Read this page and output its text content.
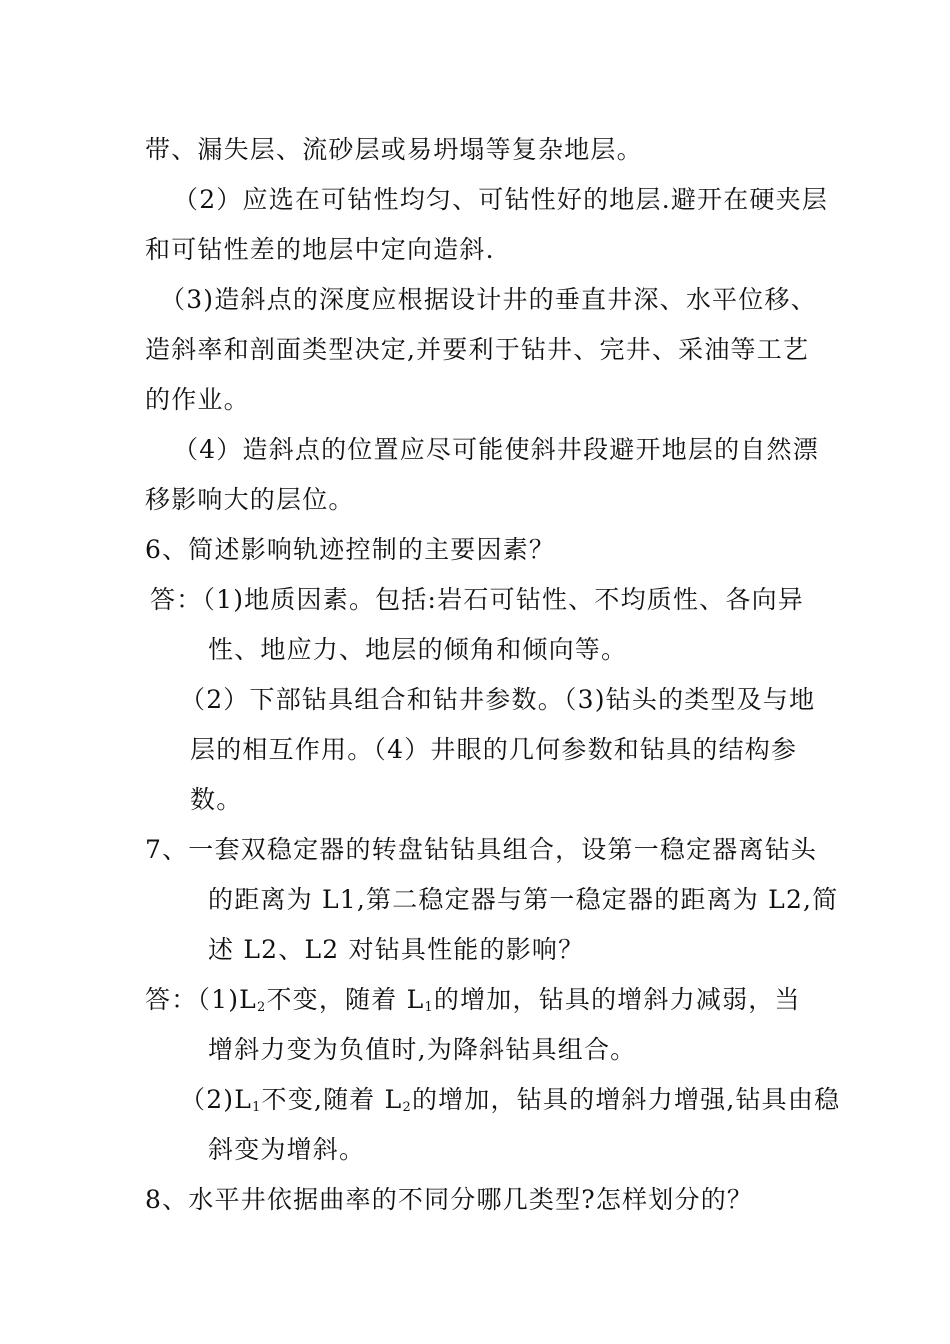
带、漏失层、流砂层或易坍塌等复杂地层。
（2）应选在可钻性均匀、可钻性好的地层.避开在硬夹层
和可钻性差的地层中定向造斜.
（3)造斜点的深度应根据设计井的垂直井深、水平位移、
造斜率和剖面类型决定,并要利于钻井、完井、采油等工艺
的作业。
（4）造斜点的位置应尽可能使斜井段避开地层的自然漂
移影响大的层位。
6、简述影响轨迹控制的主要因素？
答：（1)地质因素。包括:岩石可钻性、不均质性、各向异
性、地应力、地层的倾角和倾向等。
（2）下部钻具组合和钻井参数。（3)钻头的类型及与地
层的相互作用。（4）井眼的几何参数和钻具的结构参
数。
7、一套双稳定器的转盘钻钻具组合，设第一稳定器离钻头
的距离为 L1,第二稳定器与第一稳定器的距离为 L2,简
述 L2、L2 对钻具性能的影响？
答：$(1)L_2$不变，随着 $L_1$的增加，钻具的增斜力减弱，当
增斜力变为负值时,为降斜钻具组合。
$(2)L_1$不变,随着 $L_2$的增加，钻具的增斜力增强,钻具由稳
斜变为增斜。
8、水平井依据曲率的不同分哪几类型?怎样划分的？
